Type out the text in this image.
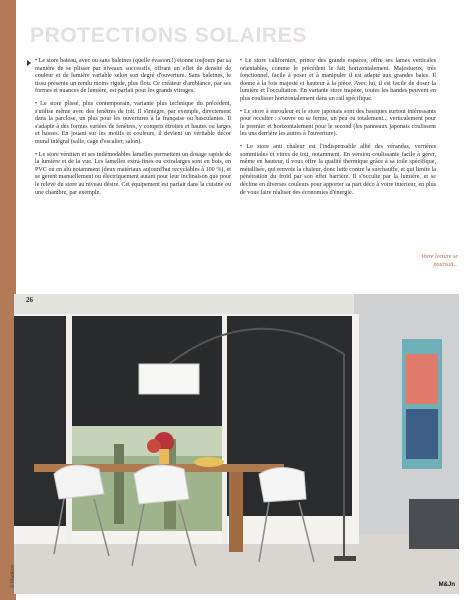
PROTECTIONS SOLAIRES

• Le store bateau, avec ou sans baleines (quelle évasion !) étonne toujours par sa manière de se plisser par niveaux successifs, offrant un effet de densité de couleur et de lumière variable selon son degré d'ouverture. Sans baleines, le tissu présente un rendu moins rigide, plus flou. Ce créateur d'ambiance, par ses formes et nuances de lumière, est parfait pour les grands vitrages.

• Le store plissé, plus contemporain, variante plus technique du précédent, s'utilise même avec des fenêtres de toit. Il s'intègre, par exemple, directement dans la parclose, un plus pour les ouvertures à la française ou basculantes. Il s'adapte à des formes variées de fenêtres, y compris étroites et hautes ou larges et basses. En jouant sur les motifs et couleurs, il devient un véritable décor mural intégral (salle, cage d'escalier, salon).

• Le store vénitien et ses indémodables lamelles permettent un dosage rapide de la lumière et de la vue. Les lamelles extra-fines ou extralarges sont en bois, en PVC ou en alu notamment (deux matériaux aujourd'hui recyclables à 100 %), et se gèrent manuellement ou électriquement autant pour leur inclinaison que pour le relevé du store au niveau désiré. Cet équipement est parfait dans la cuisine ou une chambre, par exemple.

• Le store californien, prince des grands espaces, offre ses lames verticales orientables, comme le précédent le fait horizontalement. Majestueux, très fonctionnel, facile à poser et à manipuler il est adapté aux grandes baies. Il donne à la fois majesté et hauteur à la pièce. Avec lui, il est facile de doser la lumière et l'occultation. En variante store trapèze, toutes les bandes peuvent en plus coulisser horizontalement dans un rail spécifique.

• Le store à enrouleur et le store japonais sont des basiques surtout intéressants pour occulter : s'ouvre ou se ferme, un peu ou totalement... verticalement pour le premier et horizontalement pour le second (les panneaux japonais coulissent les uns derrière les autres à l'ouverture).

• Le store anti chaleur est l'indispensable allié des vérandas, verrières sommitales et vitres de toit, notamment. En version coulissante facile à gérer, même en hauteur, il vous offre la qualité thermique grâce à sa toile spécifique, métallisée, qui renvoie la chaleur, donc lutte contre la surchauffe, et qui limite la pénétration du froid par son effet barrière. Il s'occulte par la lumière, et se décline en diverses couleurs pour apporter sa part déco à votre intérieur, en plus de vous faire réaliser des économies d'énergie.

Votre lecture se poursuit...
© Madeco	M&Jn
26
